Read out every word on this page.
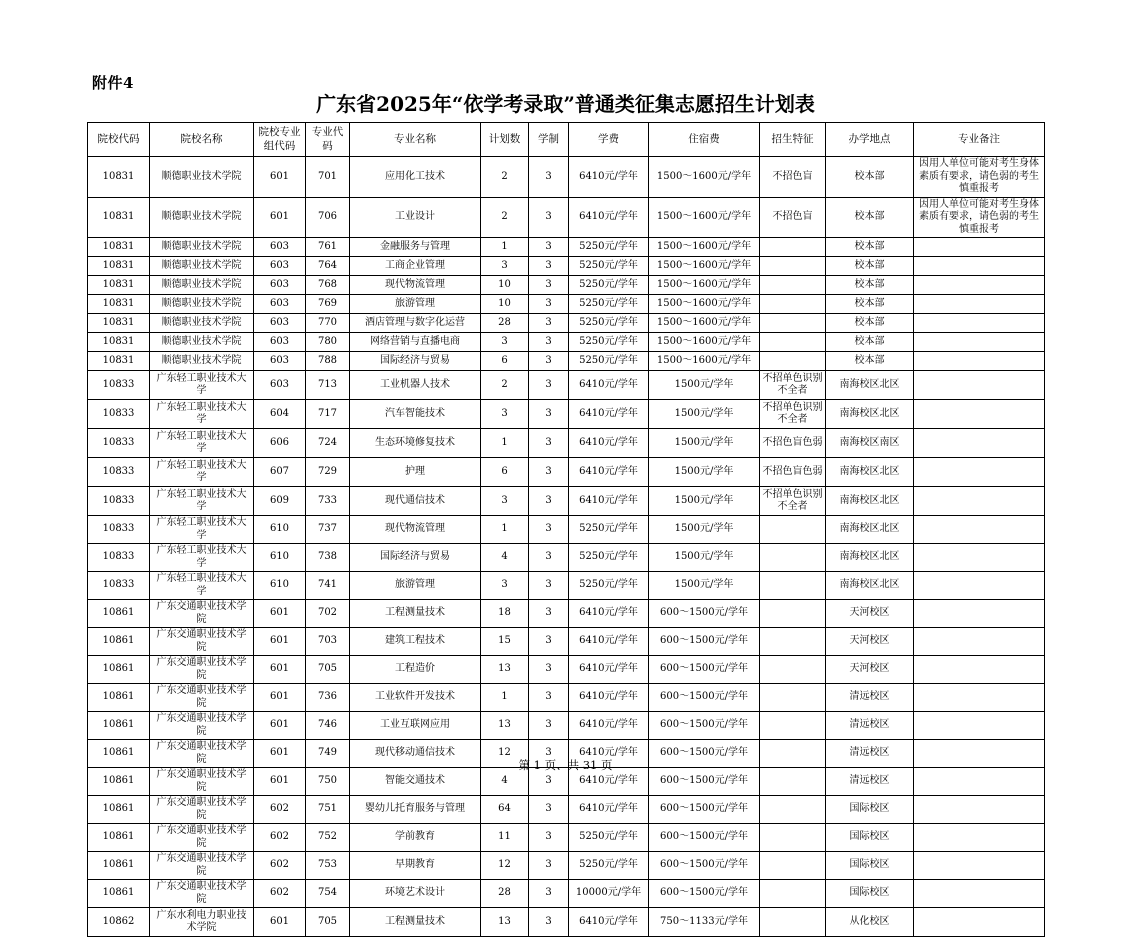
附件4
广东省2025年“依学考录取”普通类征集志愿招生计划表
院校代码	院校名称	院校专业组代码	专业代码	专业名称	计划数	学制	学费	住宿费	招生特征	办学地点	专业备注
10831	顺德职业技术学院	601	701	应用化工技术	2	3	6410元/学年	1500～1600元/学年	不招色盲	校本部	因用人单位可能对考生身体素质有要求，请色弱的考生慎重报考
10831	顺德职业技术学院	601	706	工业设计	2	3	6410元/学年	1500～1600元/学年	不招色盲	校本部	因用人单位可能对考生身体素质有要求，请色弱的考生慎重报考
10831	顺德职业技术学院	603	761	金融服务与管理	1	3	5250元/学年	1500～1600元/学年		校本部	
10831	顺德职业技术学院	603	764	工商企业管理	3	3	5250元/学年	1500～1600元/学年		校本部	
10831	顺德职业技术学院	603	768	现代物流管理	10	3	5250元/学年	1500～1600元/学年		校本部	
10831	顺德职业技术学院	603	769	旅游管理	10	3	5250元/学年	1500～1600元/学年		校本部	
10831	顺德职业技术学院	603	770	酒店管理与数字化运营	28	3	5250元/学年	1500～1600元/学年		校本部	
10831	顺德职业技术学院	603	780	网络营销与直播电商	3	3	5250元/学年	1500～1600元/学年		校本部	
10831	顺德职业技术学院	603	788	国际经济与贸易	6	3	5250元/学年	1500～1600元/学年		校本部	
10833	广东轻工职业技术大学	603	713	工业机器人技术	2	3	6410元/学年	1500元/学年	不招单色识别不全者	南海校区北区	
10833	广东轻工职业技术大学	604	717	汽车智能技术	3	3	6410元/学年	1500元/学年	不招单色识别不全者	南海校区北区	
10833	广东轻工职业技术大学	606	724	生态环境修复技术	1	3	6410元/学年	1500元/学年	不招色盲色弱	南海校区南区	
10833	广东轻工职业技术大学	607	729	护理	6	3	6410元/学年	1500元/学年	不招色盲色弱	南海校区北区	
10833	广东轻工职业技术大学	609	733	现代通信技术	3	3	6410元/学年	1500元/学年	不招单色识别不全者	南海校区北区	
10833	广东轻工职业技术大学	610	737	现代物流管理	1	3	5250元/学年	1500元/学年		南海校区北区	
10833	广东轻工职业技术大学	610	738	国际经济与贸易	4	3	5250元/学年	1500元/学年		南海校区北区	
10833	广东轻工职业技术大学	610	741	旅游管理	3	3	5250元/学年	1500元/学年		南海校区北区	
10861	广东交通职业技术学院	601	702	工程测量技术	18	3	6410元/学年	600～1500元/学年		天河校区	
10861	广东交通职业技术学院	601	703	建筑工程技术	15	3	6410元/学年	600～1500元/学年		天河校区	
10861	广东交通职业技术学院	601	705	工程造价	13	3	6410元/学年	600～1500元/学年		天河校区	
10861	广东交通职业技术学院	601	736	工业软件开发技术	1	3	6410元/学年	600～1500元/学年		清远校区	
10861	广东交通职业技术学院	601	746	工业互联网应用	13	3	6410元/学年	600～1500元/学年		清远校区	
10861	广东交通职业技术学院	601	749	现代移动通信技术	12	3	6410元/学年	600～1500元/学年		清远校区	
10861	广东交通职业技术学院	601	750	智能交通技术	4	3	6410元/学年	600～1500元/学年		清远校区	
10861	广东交通职业技术学院	602	751	婴幼儿托育服务与管理	64	3	6410元/学年	600～1500元/学年		国际校区	
10861	广东交通职业技术学院	602	752	学前教育	11	3	5250元/学年	600～1500元/学年		国际校区	
10861	广东交通职业技术学院	602	753	早期教育	12	3	5250元/学年	600～1500元/学年		国际校区	
10861	广东交通职业技术学院	602	754	环境艺术设计	28	3	10000元/学年	600～1500元/学年		国际校区	
10862	广东水利电力职业技术学院	601	705	工程测量技术	13	3	6410元/学年	750～1133元/学年		从化校区	
第 1 页、共 31 页
